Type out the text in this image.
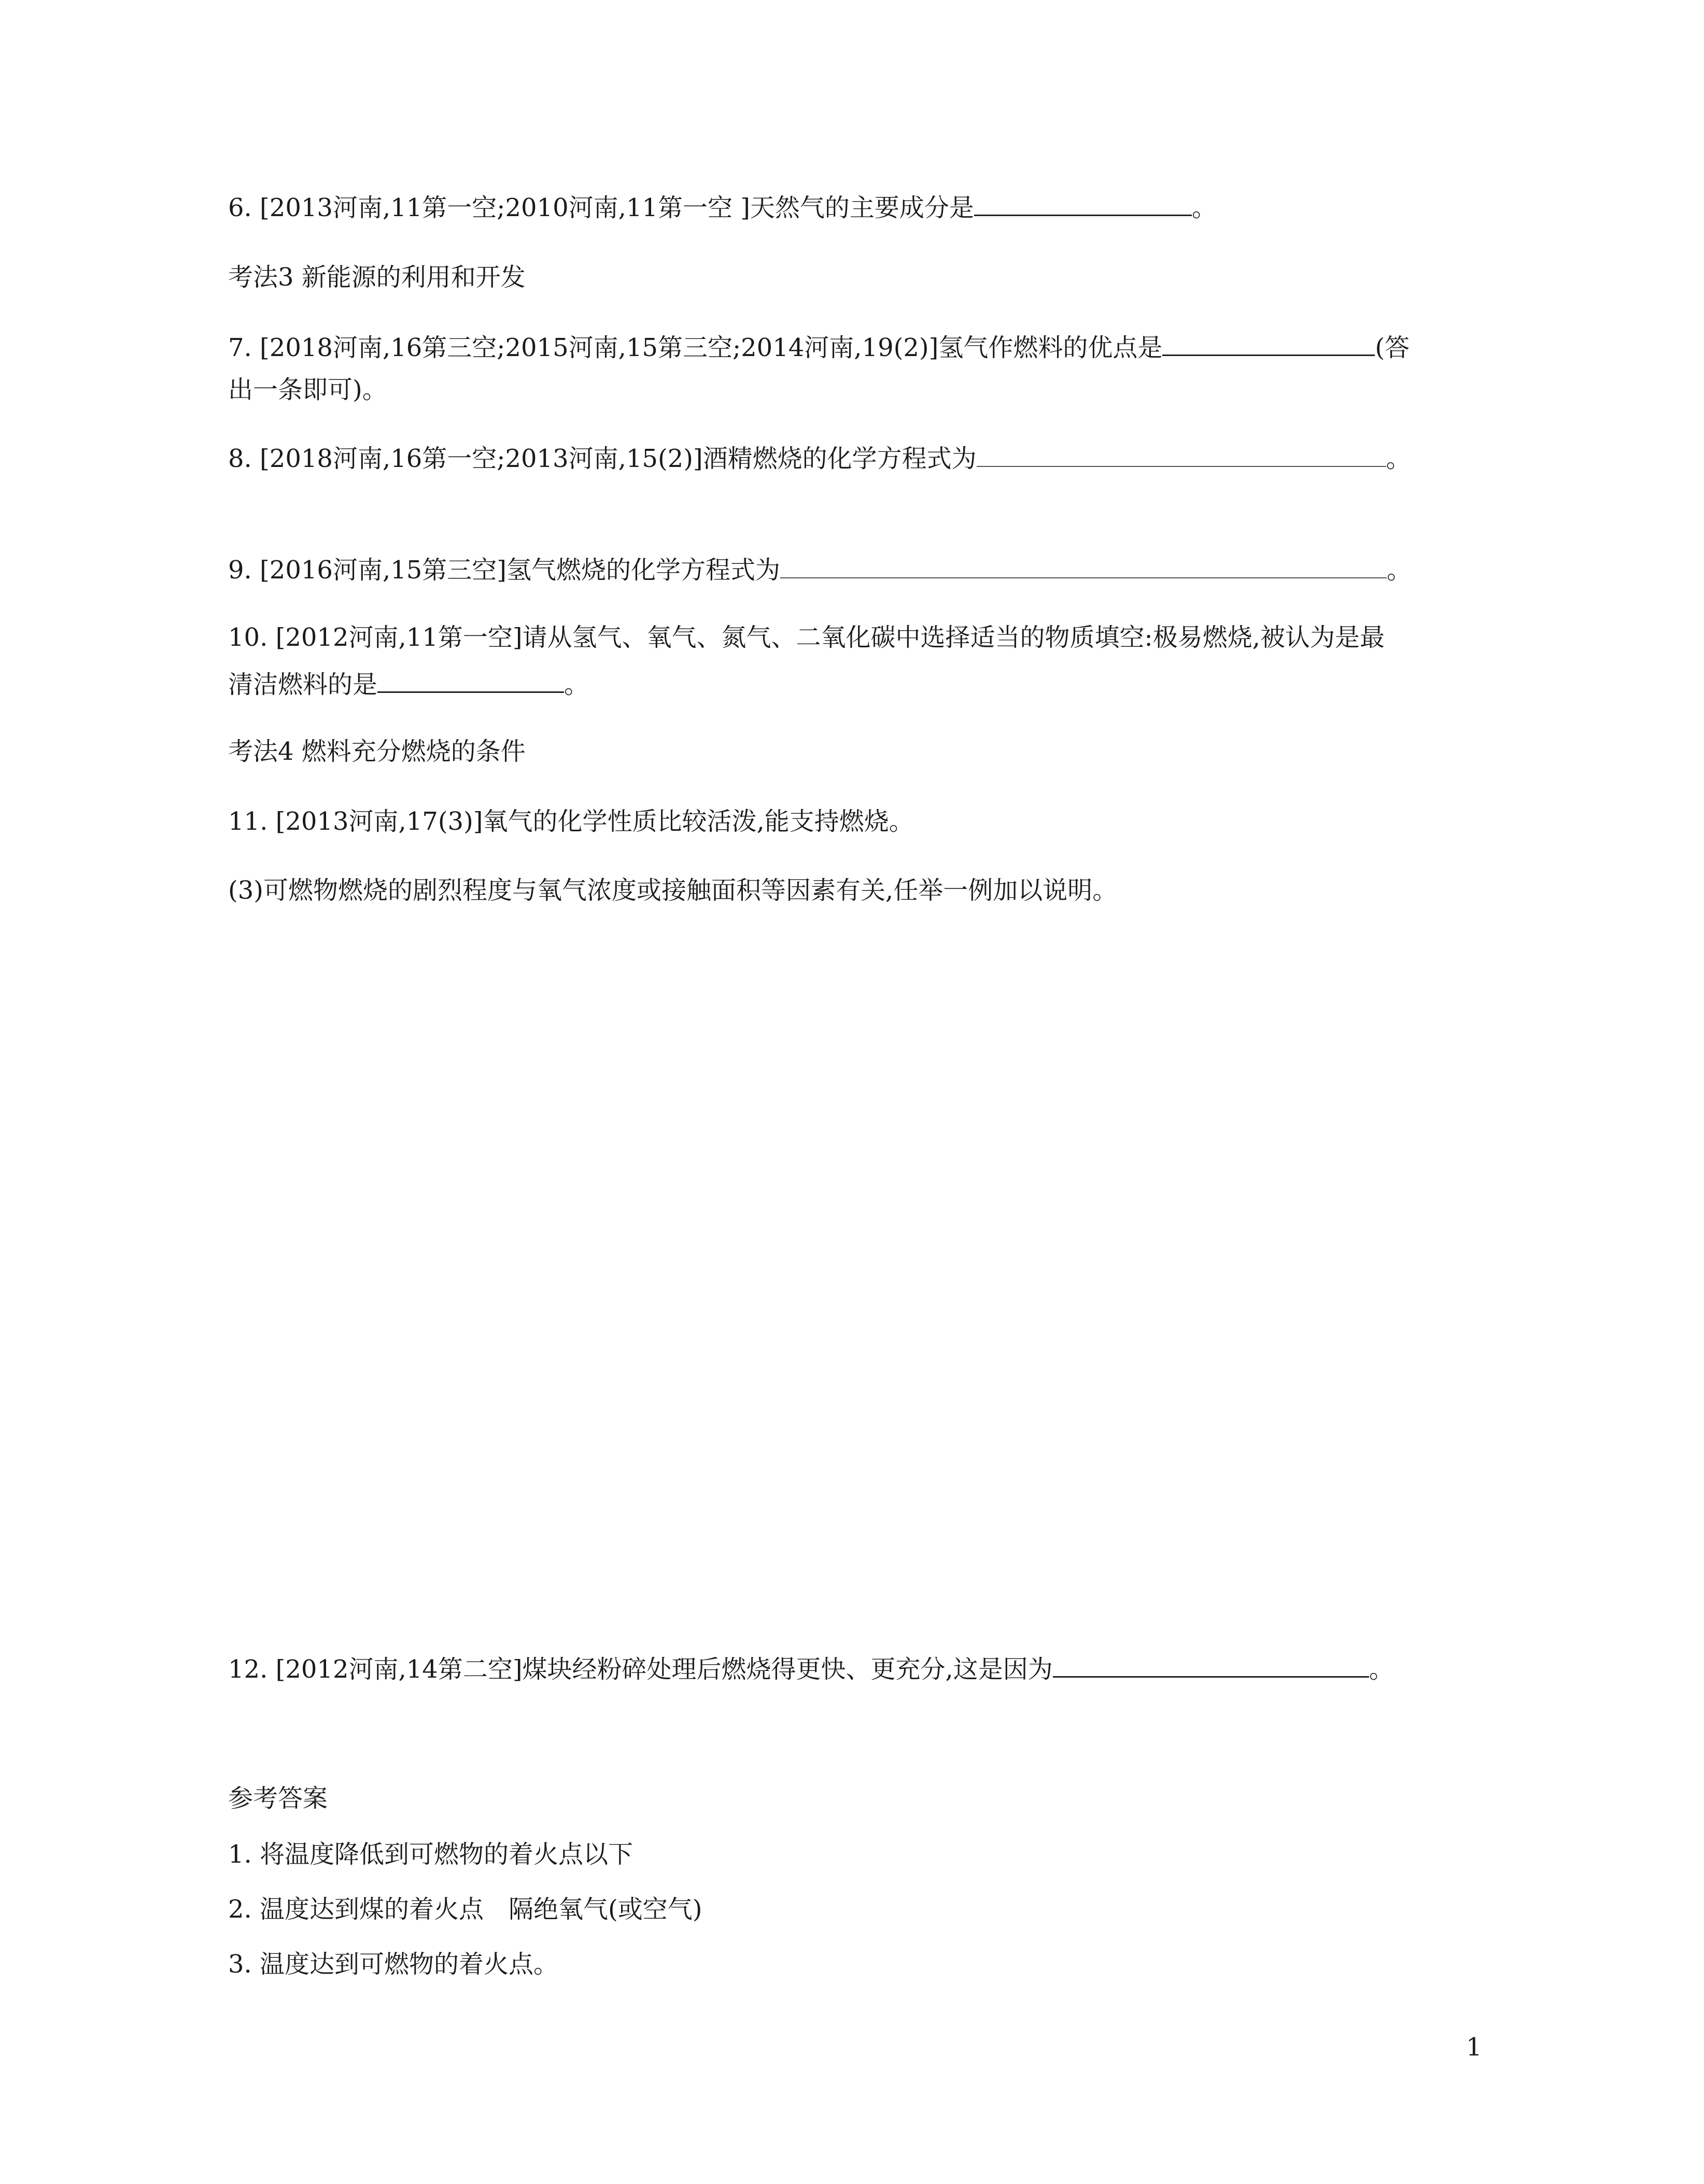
6. [2013河南,11第一空;2010河南,11第一空 ]天然气的主要成分是	。
考法3 新能源的利用和开发
7. [2018河南,16第三空;2015河南,15第三空;2014河南,19(2)]氢气作燃料的优点是	(答
出一条即可)。
8. [2018河南,16第一空;2013河南,15(2)]酒精燃烧的化学方程式为	。
9. [2016河南,15第三空]氢气燃烧的化学方程式为	。
10. [2012河南,11第一空]请从氢气、氧气、氮气、二氧化碳中选择适当的物质填空:极易燃烧,被认为是最
清洁燃料的是	。
考法4 燃料充分燃烧的条件
11. [2013河南,17(3)]氧气的化学性质比较活泼,能支持燃烧。
(3)可燃物燃烧的剧烈程度与氧气浓度或接触面积等因素有关,任举一例加以说明。
12. [2012河南,14第二空]煤块经粉碎处理后燃烧得更快、更充分,这是因为	。
参考答案
1. 将温度降低到可燃物的着火点以下
2. 温度达到煤的着火点　隔绝氧气(或空气)
3. 温度达到可燃物的着火点。
1
